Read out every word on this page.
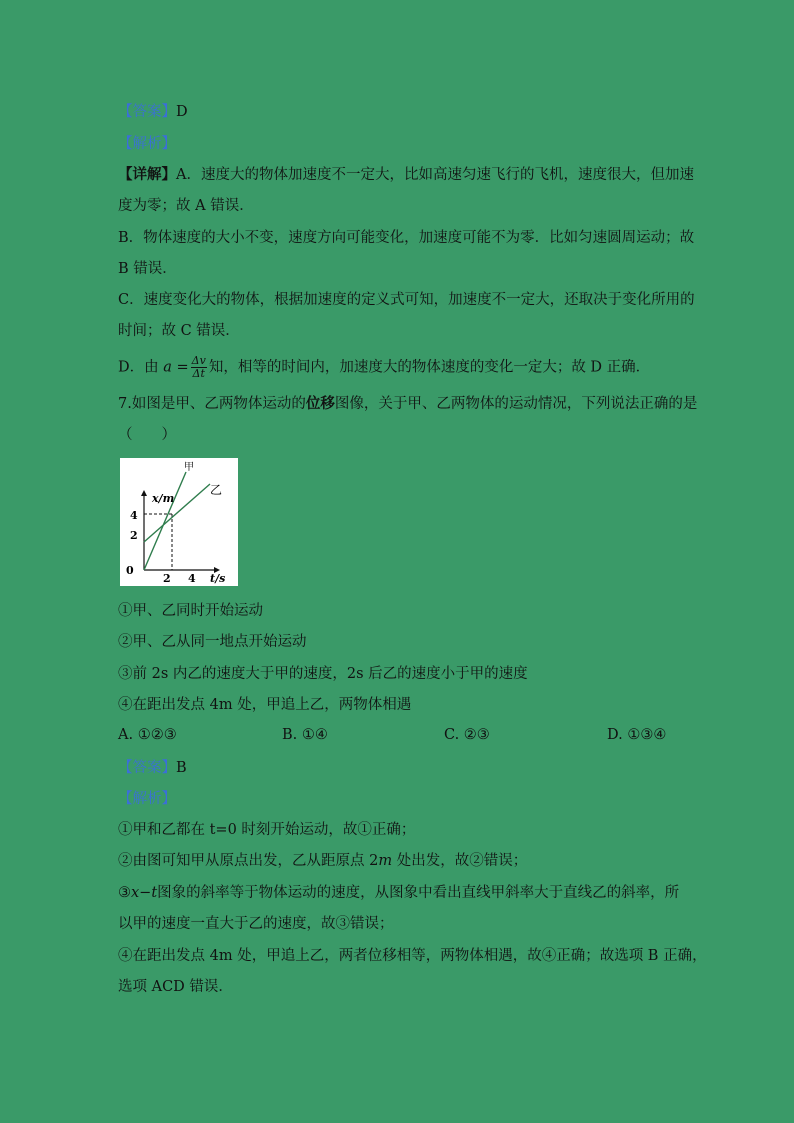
【答案】D
【解析】
【详解】A．速度大的物体加速度不一定大，比如高速匀速飞行的飞机，速度很大，但加速
度为零；故 A 错误．
B．物体速度的大小不变，速度方向可能变化，加速度可能不为零．比如匀速圆周运动；故
B 错误．
C．速度变化大的物体，根据加速度的定义式可知，加速度不一定大，还取决于变化所用的
时间；故 C 错误．
D．由 $a = \frac{\Delta v}{\Delta t}$ 知，相等的时间内，加速度大的物体速度的变化一定大；故 D 正确．
7.如图是甲、乙两物体运动的位移图像，关于甲、乙两物体的运动情况，下列说法正确的是
（　　）
甲
乙
x/m
4
2
0
2 4 t/s
①甲、乙同时开始运动
②甲、乙从同一地点开始运动
③前 2s 内乙的速度大于甲的速度，2s 后乙的速度小于甲的速度
④在距出发点 4m 处，甲追上乙，两物体相遇
A. ①②③	B. ①④	C. ②③	D. ①③④
【答案】B
【解析】
①甲和乙都在 t=0 时刻开始运动，故①正确；
②由图可知甲从原点出发，乙从距原点 2m 处出发，故②错误；
③x−t图象的斜率等于物体运动的速度，从图象中看出直线甲斜率大于直线乙的斜率，所
以甲的速度一直大于乙的速度，故③错误；
④在距出发点 4m 处，甲追上乙，两者位移相等，两物体相遇，故④正确；故选项 B 正确，
选项 ACD 错误．
